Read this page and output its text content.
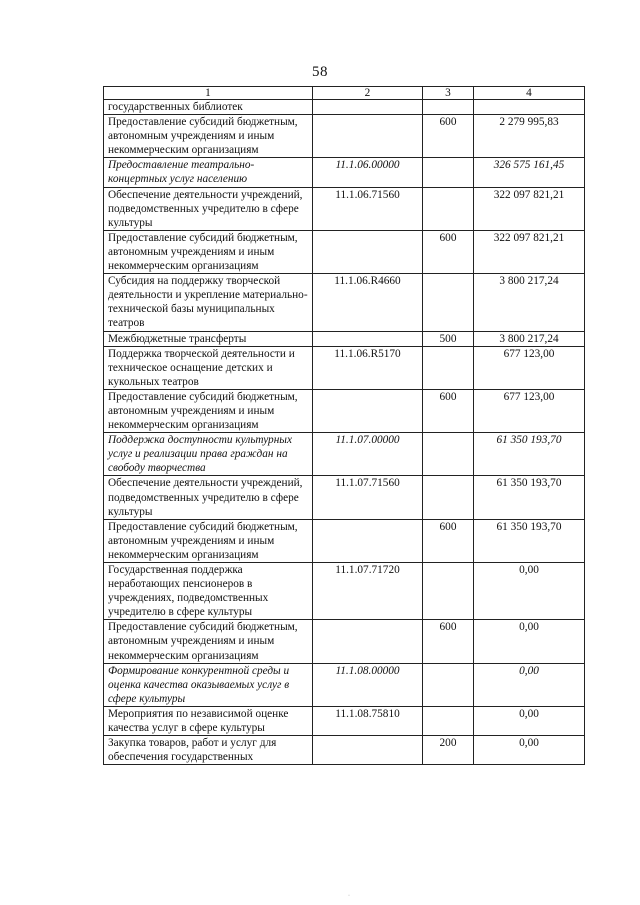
58
1	2	3	4
государственных библиотек			
Предоставление субсидий бюджетным, автономным учреждениям и иным некоммерческим организациям		600	2 279 995,83
Предоставление театрально-концертных услуг населению	11.1.06.00000		326 575 161,45
Обеспечение деятельности учреждений, подведомственных учредителю в сфере культуры	11.1.06.71560		322 097 821,21
Предоставление субсидий бюджетным, автономным учреждениям и иным некоммерческим организациям		600	322 097 821,21
Субсидия на поддержку творческой деятельности и укрепление материально-технической базы муниципальных театров	11.1.06.R4660		3 800 217,24
Межбюджетные трансферты		500	3 800 217,24
Поддержка творческой деятельности и техническое оснащение детских и кукольных театров	11.1.06.R5170		677 123,00
Предоставление субсидий бюджетным, автономным учреждениям и иным некоммерческим организациям		600	677 123,00
Поддержка доступности культурных услуг и реализации права граждан на свободу творчества	11.1.07.00000		61 350 193,70
Обеспечение деятельности учреждений, подведомственных учредителю в сфере культуры	11.1.07.71560		61 350 193,70
Предоставление субсидий бюджетным, автономным учреждениям и иным некоммерческим организациям		600	61 350 193,70
Государственная поддержка неработающих пенсионеров в учреждениях, подведомственных учредителю в сфере культуры	11.1.07.71720		0,00
Предоставление субсидий бюджетным, автономным учреждениям и иным некоммерческим организациям		600	0,00
Формирование конкурентной среды и оценка качества оказываемых услуг в сфере культуры	11.1.08.00000		0,00
Мероприятия по независимой оценке качества услуг в сфере культуры	11.1.08.75810		0,00
Закупка товаров, работ и услуг для обеспечения государственных		200	0,00
·
